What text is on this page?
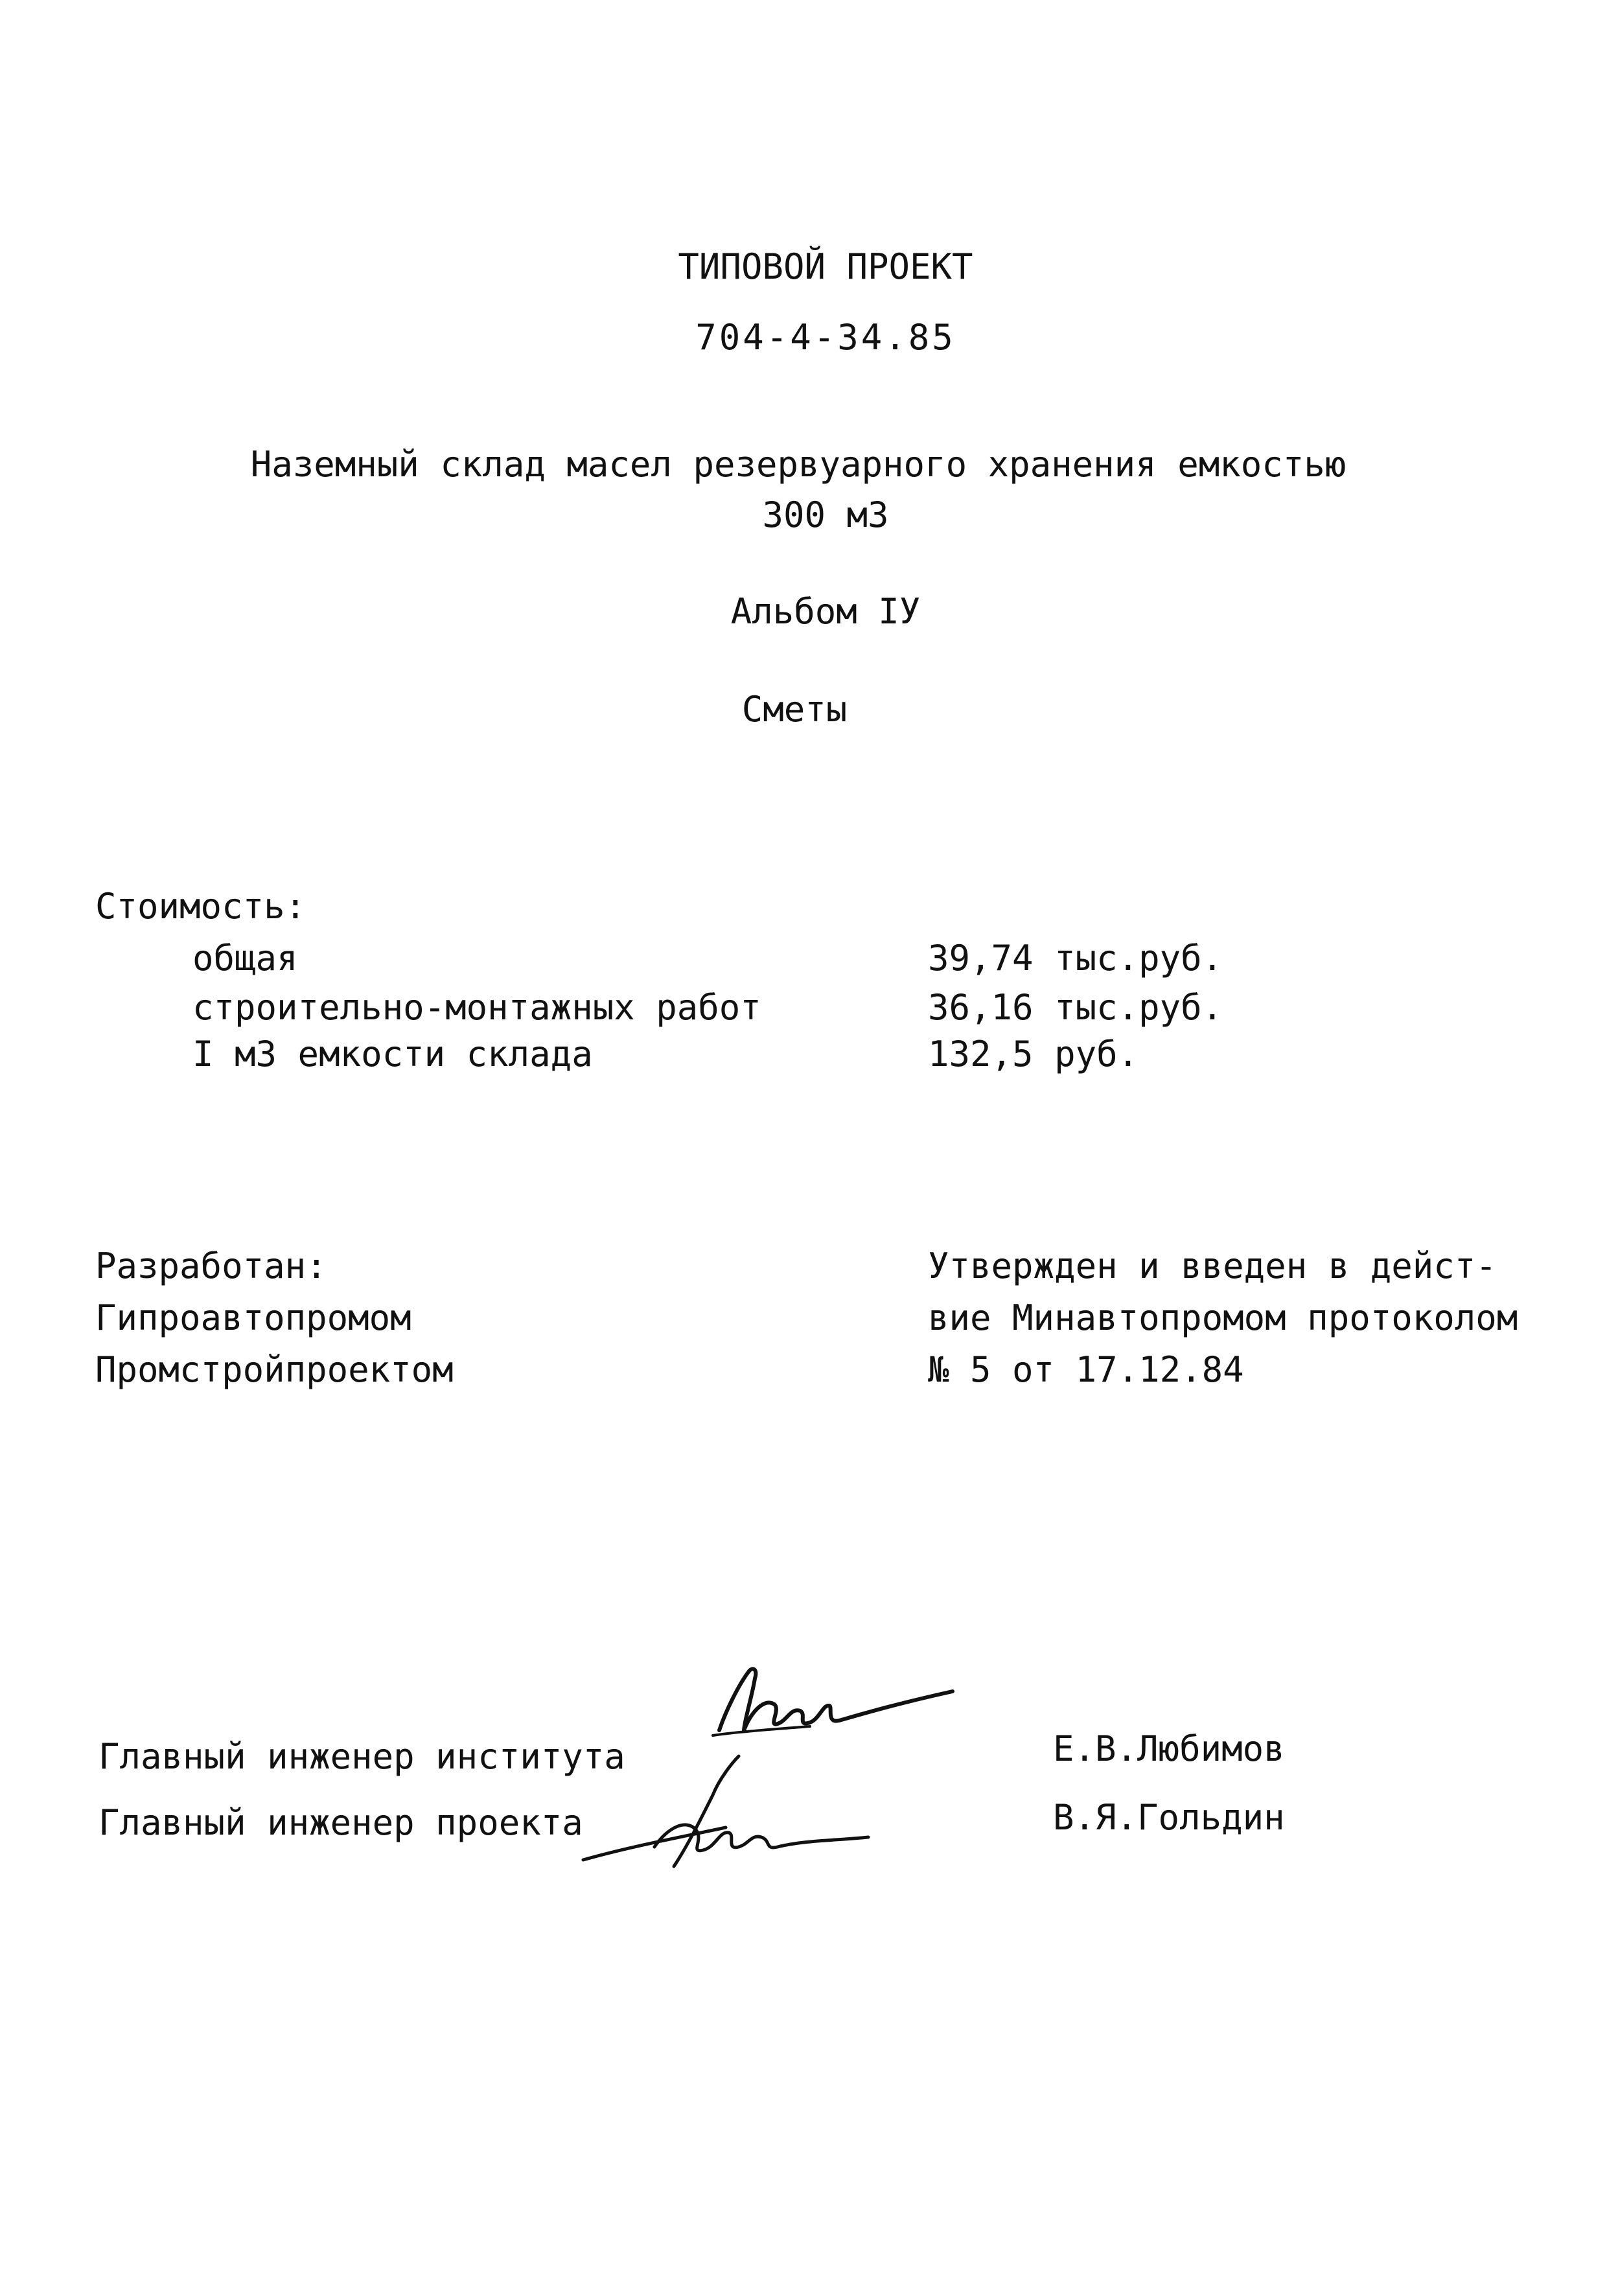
ТИПОВОЙ ПРОЕКТ
704-4-34.85
Наземный склад масел резервуарного хранения емкостью
300 м3
Альбом IУ
Сметы
Стоимость:
общая	39,74 тыс.руб.
строительно-монтажных работ	36,16 тыс.руб.
I м3 емкости склада	132,5 руб.
Разработан:
Гипроавтопромом
Промстройпроектом
Утвержден и введен в дейст-
вие Минавтопромом протоколом
№ 5 от 17.12.84
Главный инженер института	Е.В.Любимов
Главный инженер проекта	В.Я.Гольдин
